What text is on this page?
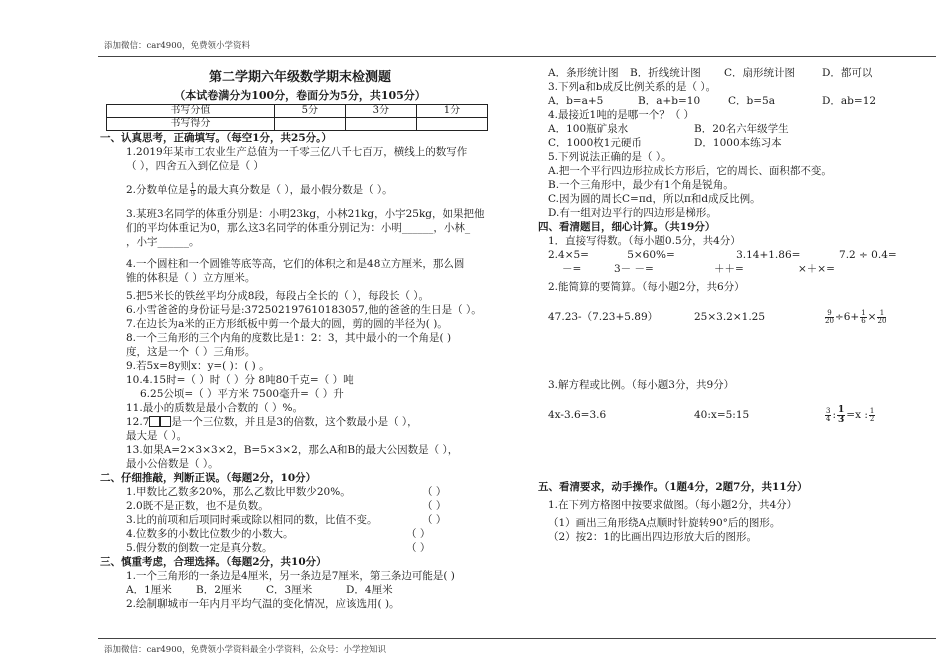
添加微信：car4900，免费领小学资料
第二学期六年级数学期末检测题
（本试卷满分为100分，卷面分为5分，共105分）
书写分值	5分	3分	1分
书写得分			
一、认真思考，正确填写。（每空1分，共25分。）
1.2019年某市工农业生产总值为一千零三亿八千七百万，横线上的数写作
（ ），四舍五入到亿位是（ ）
2.分数单位是 $\frac{1}{9}$ 的最大真分数是（ ），最小假分数是（ ）。
3.某班3名同学的体重分别是：小明23kg，小林21kg，小宇25kg，如果把他
们的平均体重记为0，那么这3名同学的体重分别记为：小明______，小林_
，小宇______。
4.一个圆柱和一个圆锥等底等高，它们的体积之和是48立方厘米，那么圆
锥的体积是（ ）立方厘米。
5.把5米长的铁丝平均分成8段，每段占全长的（ ），每段长（ ）。
6.小雪爸爸的身份证号是:372502197610183057,他的爸爸的生日是（ ）。
7.在边长为a米的正方形纸板中剪一个最大的圆，剪的圆的半径为( )。
8.一个三角形的三个内角的度数比是1：2：3，其中最小的一个角是( )
度，这是一个（ ）三角形。
9.若5x=8y则x：y=( )：( ) 。
10.4.15时=（ ）时（ ）分 8吨80千克=（ ）吨
6.25公顷=（ ）平方米 7500毫升=（ ）升
11.最小的质数是最小合数的（ ）%。
12.7 是一个三位数，并且是3的倍数，这个数最小是（ ），
最大是（ ）。
13.如果A=2×3×3×2，B=5×3×2，那么A和B的最大公因数是（ ），
最小公倍数是（ ）。
二、仔细推敲，判断正误。（每题2分，10分）
1.甲数比乙数多20%，那么乙数比甲数少20%。	（ ）
2.0既不是正数，也不是负数。	（ ）
3.比的前项和后项同时乘或除以相同的数，比值不变。	（ ）
4.位数多的小数比位数少的小数大。	（ ）
5.假分数的倒数一定是真分数。	（ ）
三、慎重考虑，合理选择。（每题2分，共10分）
1.一个三角形的一条边是4厘米，另一条边是7厘米，第三条边可能是( )
A．1厘米	B．2厘米	C．3厘米	D．4厘米
2.绘制聊城市一年内月平均气温的变化情况，应该选用( )。
A．条形统计图	B．折线统计图	C．扇形统计图	D．都可以
3.下列a和b成反比例关系的是（ ）。
A．b=a+5	B．a+b=10	C．b=5a	D．ab=12
4.最接近1吨的是哪一个？（ ）
A．100瓶矿泉水	B．20名六年级学生
C．1000枚1元硬币	D．1000本练习本
5.下列说法正确的是（ ）。
A.把一个平行四边形拉成长方形后，它的周长、面积都不变。
B.一个三角形中，最少有1个角是锐角。
C.因为圆的周长C=πd，所以π和d成反比例。
D.有一组对边平行的四边形是梯形。
四、看清题目，细心计算。（共19分）
1．直接写得数。（每小题0.5分，共4分）
2.4×5=	5×60%=	3.14+1.86=	7.2 ÷ 0.4=
－=	3－ －=	＋＋=	×＋×=
2.能简算的要简算。（每小题2分，共6分）
47.23-（7.23+5.89）	25×3.2×1.25	$\frac{9}{20} \div 6+ \frac{1}{6} \times \frac{1}{20}$
3.解方程或比例。（每小题3分，共9分）
4x-3.6=3.6	40:x=5:15	$\frac{3}{4}$ : $\frac{1}{3} =x$ : $\frac{1}{2}$
五、看清要求，动手操作。（1题4分，2题7分，共11分）
1.在下列方格图中按要求做图。（每小题2分，共4分）
（1）画出三角形绕A点顺时针旋转90°后的图形。
（2）按2：1的比画出四边形放大后的图形。
添加微信：car4900，免费领小学资料最全小学资料，公众号：小学控知识
